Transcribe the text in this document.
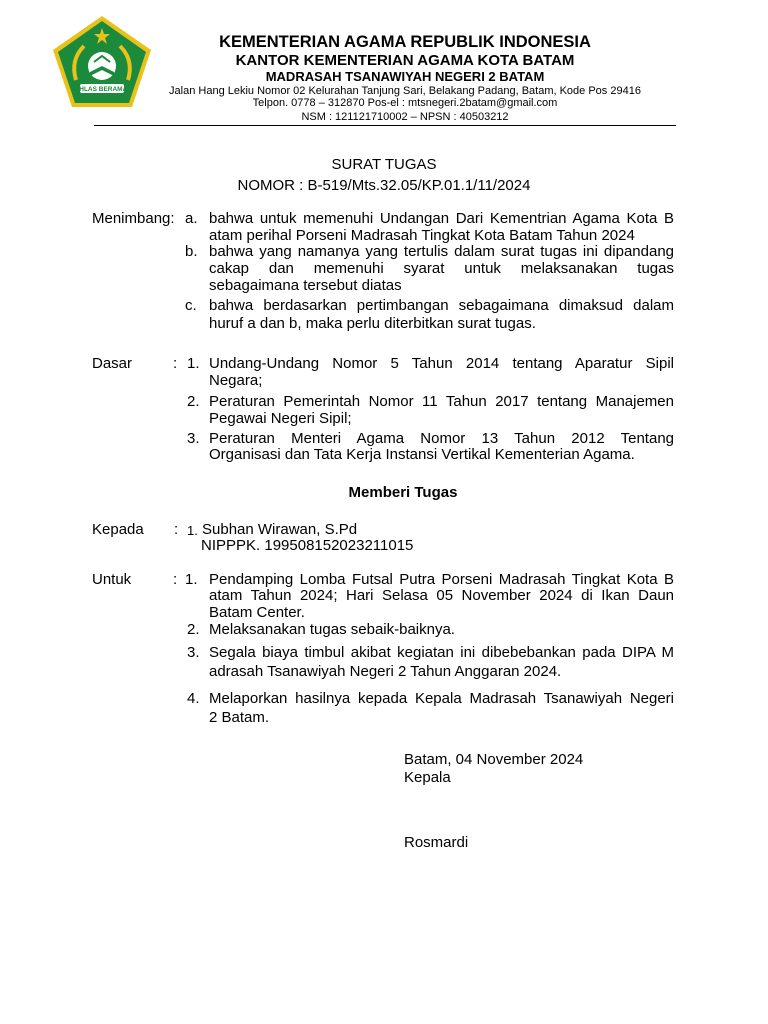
IKHLAS BERAMAL
KEMENTERIAN AGAMA REPUBLIK INDONESIA
KANTOR KEMENTERIAN AGAMA KOTA BATAM
MADRASAH TSANAWIYAH NEGERI 2 BATAM
Jalan Hang Lekiu Nomor 02 Kelurahan Tanjung Sari, Belakang Padang, Batam, Kode Pos 29416
Telpon. 0778 – 312870 Pos-el : mtsnegeri.2batam@gmail.com
NSM : 121121710002 – NPSN : 40503212
SURAT TUGAS
NOMOR : B-519/Mts.32.05/KP.01.1/11/2024
Menimbang: a. bahwa untuk memenuhi Undangan Dari Kementrian Agama Kota B
atam perihal Porseni Madrasah Tingkat Kota Batam Tahun 2024
b. bahwa yang namanya yang tertulis dalam surat tugas ini dipandang
cakap dan memenuhi syarat untuk melaksanakan tugas
sebagaimana tersebut diatas
c. bahwa berdasarkan pertimbangan sebagaimana dimaksud dalam
huruf a dan b, maka perlu diterbitkan surat tugas.
Dasar	: 1. Undang-Undang Nomor 5 Tahun 2014 tentang Aparatur Sipil
Negara;
2. Peraturan Pemerintah Nomor 11 Tahun 2017 tentang Manajemen
Pegawai Negeri Sipil;
3. Peraturan Menteri Agama Nomor 13 Tahun 2012 Tentang
Organisasi dan Tata Kerja Instansi Vertikal Kementerian Agama.
Memberi Tugas
Kepada : 1. Subhan Wirawan, S.Pd
NIPPPK. 199508152023211015
Untuk	: 1. Pendamping Lomba Futsal Putra Porseni Madrasah Tingkat Kota B
atam Tahun 2024; Hari Selasa 05 November 2024 di Ikan Daun
Batam Center.
2. Melaksanakan tugas sebaik-baiknya.
3. Segala biaya timbul akibat kegiatan ini dibebebankan pada DIPA M
adrasah Tsanawiyah Negeri 2 Tahun Anggaran 2024.
4. Melaporkan hasilnya kepada Kepala Madrasah Tsanawiyah Negeri
2 Batam.
Batam, 04 November 2024
Kepala
Rosmardi
